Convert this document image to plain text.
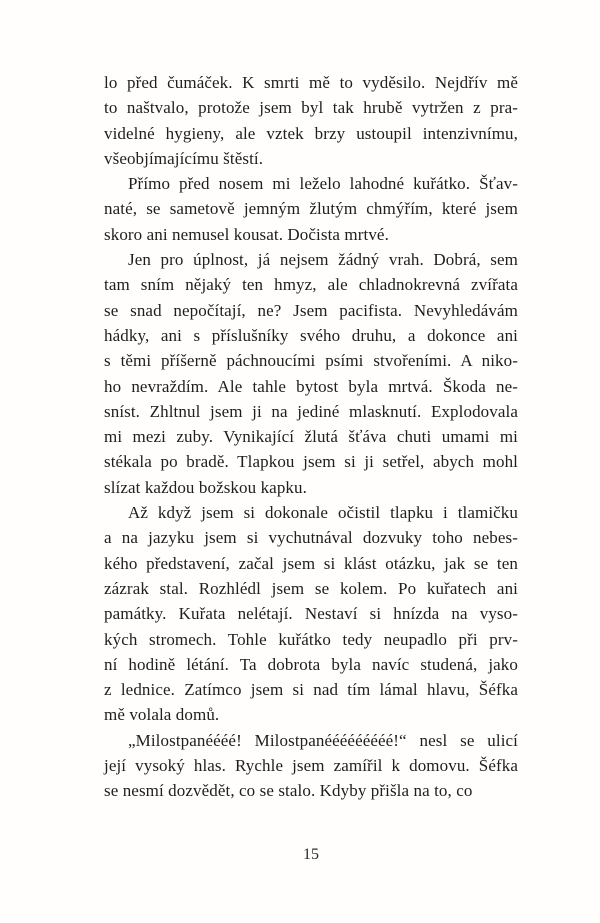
lo před čumáček. K smrti mě to vyděsilo. Nejdřív mě
to naštvalo, protože jsem byl tak hrubě vytržen z pra-
videlné hygieny, ale vztek brzy ustoupil intenzivnímu,
všeobjímajícímu štěstí.
Přímo před nosem mi leželo lahodné kuřátko. Šťav-
naté, se sametově jemným žlutým chmýřím, které jsem
skoro ani nemusel kousat. Dočista mrtvé.
Jen pro úplnost, já nejsem žádný vrah. Dobrá, sem
tam sním nějaký ten hmyz, ale chladnokrevná zvířata
se snad nepočítají, ne? Jsem pacifista. Nevyhledávám
hádky, ani s příslušníky svého druhu, a dokonce ani
s těmi příšerně páchnoucími psími stvořeními. A niko-
ho nevraždím. Ale tahle bytost byla mrtvá. Škoda ne-
sníst. Zhltnul jsem ji na jediné mlasknutí. Explodovala
mi mezi zuby. Vynikající žlutá šťáva chuti umami mi
stékala po bradě. Tlapkou jsem si ji setřel, abych mohl
slízat každou božskou kapku.
Až když jsem si dokonale očistil tlapku i tlamičku
a na jazyku jsem si vychutnával dozvuky toho nebes-
kého představení, začal jsem si klást otázku, jak se ten
zázrak stal. Rozhlédl jsem se kolem. Po kuřatech ani
památky. Kuřata nelétají. Nestaví si hnízda na vyso-
kých stromech. Tohle kuřátko tedy neupadlo při prv-
ní hodině létání. Ta dobrota byla navíc studená, jako
z lednice. Zatímco jsem si nad tím lámal hlavu, Šéfka
mě volala domů.
„Milostpanéééé! Milostpanééééééééé!“ nesl se ulicí
její vysoký hlas. Rychle jsem zamířil k domovu. Šéfka
se nesmí dozvědět, co se stalo. Kdyby přišla na to, co
15
